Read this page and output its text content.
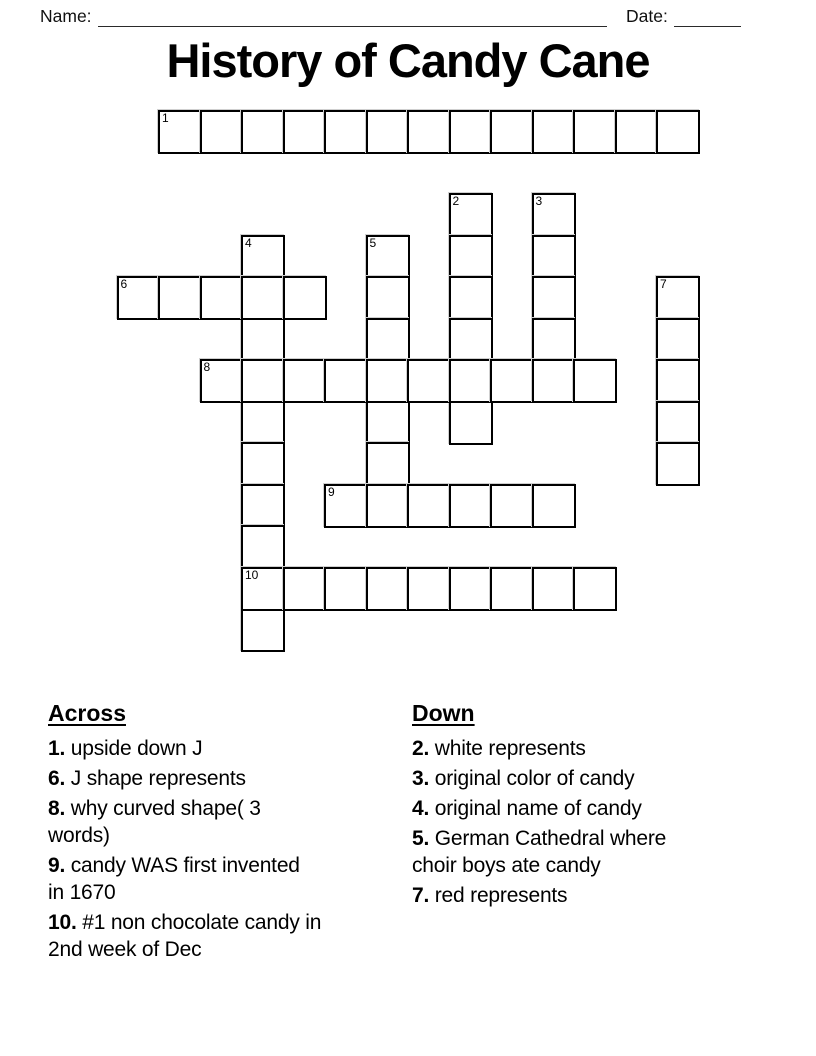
Name:	Date:
History of Candy Cane
1
2	3
4	5
6	7
8
9
10
Across
1. upside down J
6. J shape represents
8. why curved shape( 3
words)
9. candy WAS first invented
in 1670
10. #1 non chocolate candy in
2nd week of Dec
Down
2. white represents
3. original color of candy
4. original name of candy
5. German Cathedral where
choir boys ate candy
7. red represents
